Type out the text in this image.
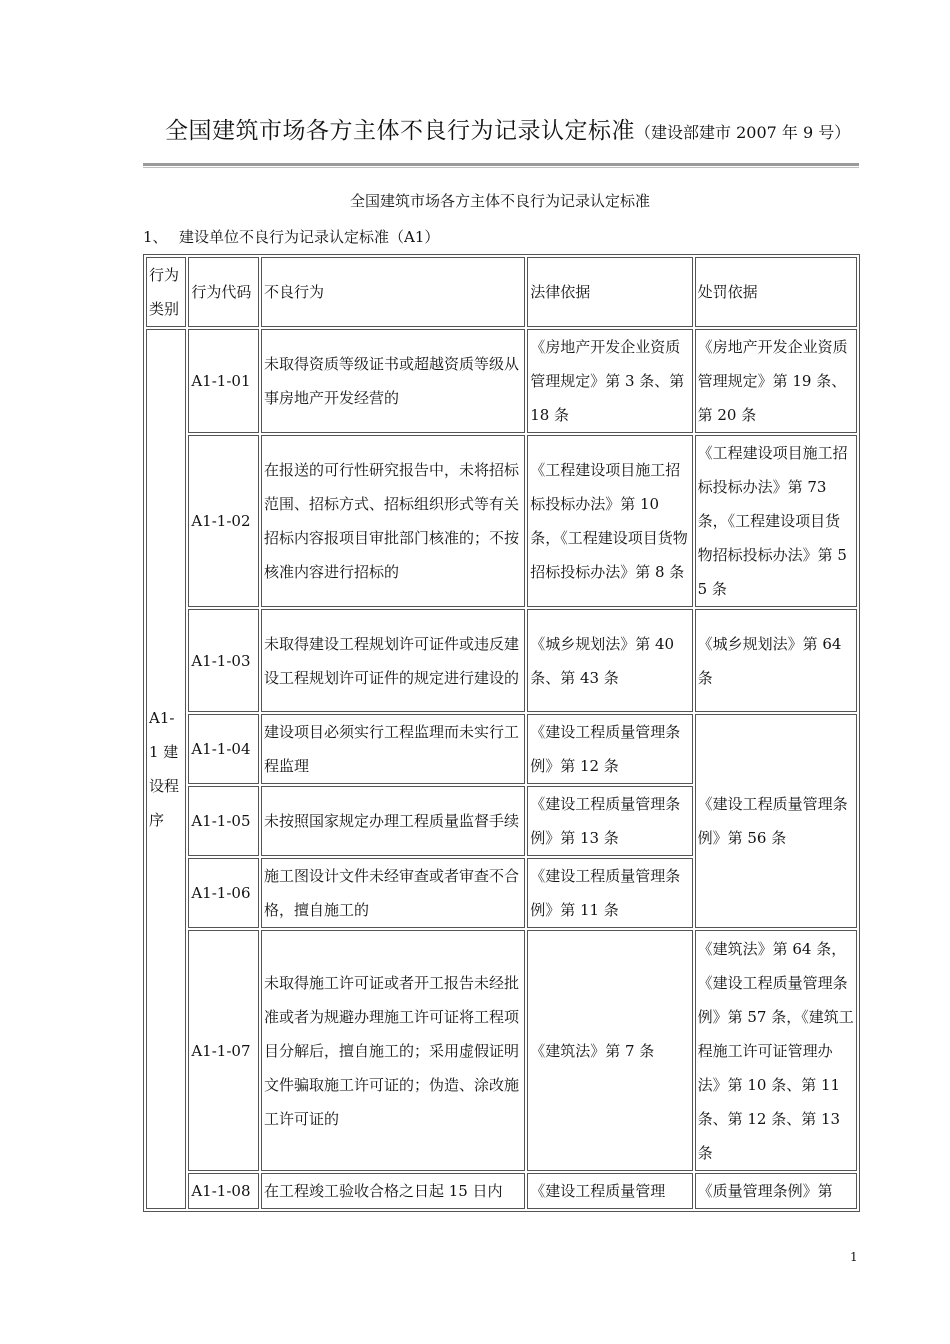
全国建筑市场各方主体不良行为记录认定标准（建设部建市 2007 年 9 号）
全国建筑市场各方主体不良行为记录认定标准
1、 建设单位不良行为记录认定标准（A1）
行为类别	行为代码	不良行为	法律依据	处罚依据
A1-1 建设程序	A1-1-01	未取得资质等级证书或超越资质等级从事房地产开发经营的	《房地产开发企业资质管理规定》第 3 条、第 18 条	《房地产开发企业资质管理规定》第 19 条、第 20 条
	A1-1-02	在报送的可行性研究报告中，未将招标范围、招标方式、招标组织形式等有关招标内容报项目审批部门核准的；不按核准内容进行招标的	《工程建设项目施工招标投标办法》第 10 条，《工程建设项目货物招标投标办法》第 8 条	《工程建设项目施工招标投标办法》第 73 条，《工程建设项目货物招标投标办法》第 55 条
	A1-1-03	未取得建设工程规划许可证件或违反建设工程规划许可证件的规定进行建设的	《城乡规划法》第 40 条、第 43 条	《城乡规划法》第 64 条
	A1-1-04	建设项目必须实行工程监理而未实行工程监理	《建设工程质量管理条例》第 12 条	《建设工程质量管理条例》第 56 条
	A1-1-05	未按照国家规定办理工程质量监督手续	《建设工程质量管理条例》第 13 条	
	A1-1-06	施工图设计文件未经审查或者审查不合格，擅自施工的	《建设工程质量管理条例》第 11 条	
	A1-1-07	未取得施工许可证或者开工报告未经批准或者为规避办理施工许可证将工程项目分解后，擅自施工的；采用虚假证明文件骗取施工许可证的；伪造、涂改施工许可证的	《建筑法》第 7 条	《建筑法》第 64 条，《建设工程质量管理条例》第 57 条，《建筑工程施工许可证管理办法》第 10 条、第 11 条、第 12 条、第 13 条
	A1-1-08	在工程竣工验收合格之日起 15 日内	《建设工程质量管理	《质量管理条例》第
1
